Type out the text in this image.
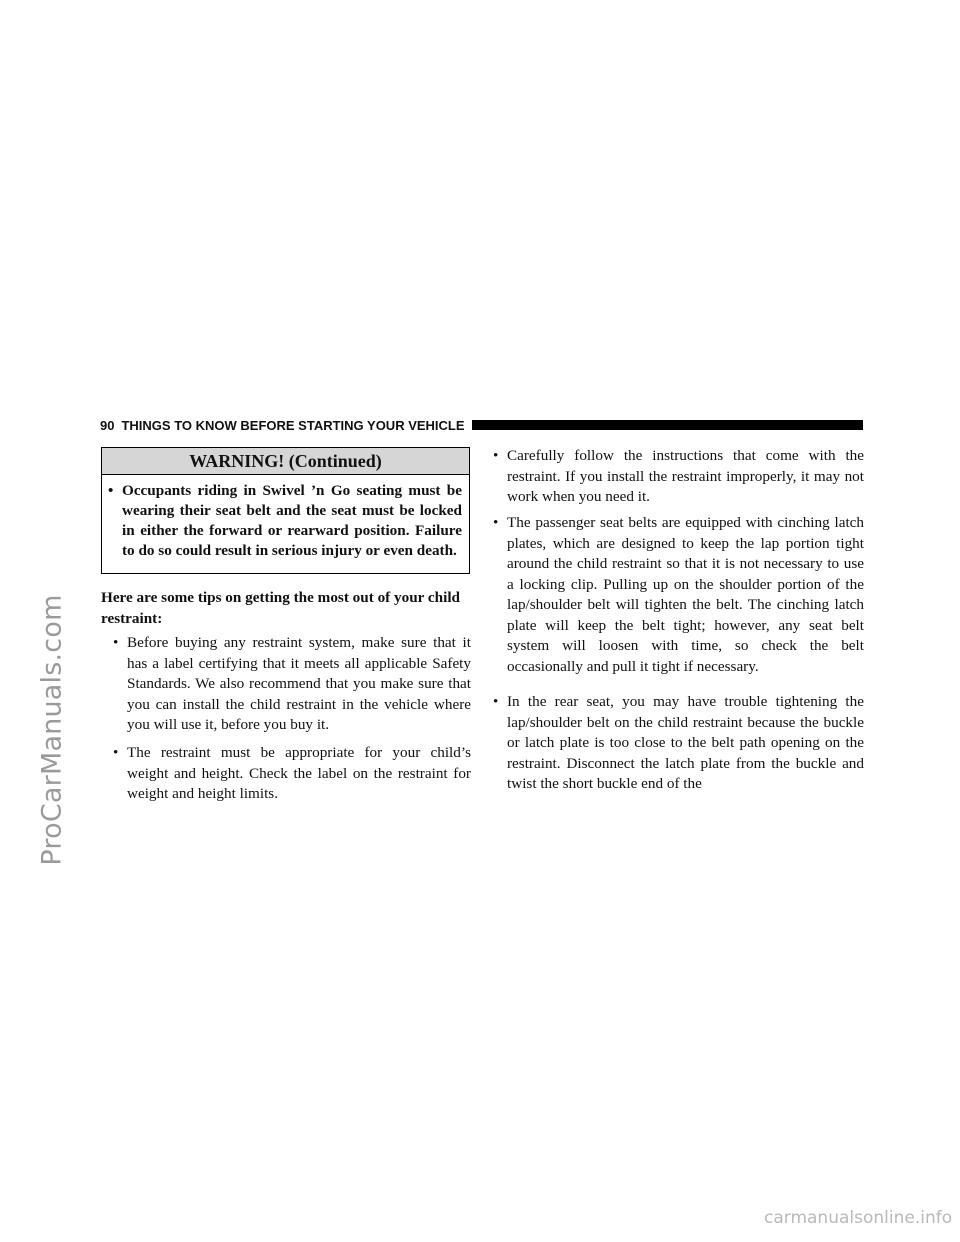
ProCarManuals.com
90 THINGS TO KNOW BEFORE STARTING YOUR VEHICLE
WARNING! (Continued)
• Occupants riding in Swivel ’n Go seating must be wearing their seat belt and the seat must be locked in either the forward or rearward position. Failure to do so could result in serious injury or even death.
Here are some tips on getting the most out of your child restraint:
• Before buying any restraint system, make sure that it has a label certifying that it meets all applicable Safety Standards. We also recommend that you make sure that you can install the child restraint in the vehicle where you will use it, before you buy it.
• The restraint must be appropriate for your child’s weight and height. Check the label on the restraint for weight and height limits.
• Carefully follow the instructions that come with the restraint. If you install the restraint improperly, it may not work when you need it.
• The passenger seat belts are equipped with cinching latch plates, which are designed to keep the lap portion tight around the child restraint so that it is not necessary to use a locking clip. Pulling up on the shoulder portion of the lap/shoulder belt will tighten the belt. The cinching latch plate will keep the belt tight; however, any seat belt system will loosen with time, so check the belt occasionally and pull it tight if necessary.
• In the rear seat, you may have trouble tightening the lap/shoulder belt on the child restraint because the buckle or latch plate is too close to the belt path opening on the restraint. Disconnect the latch plate from the buckle and twist the short buckle end of the
carmanualsonline.info
